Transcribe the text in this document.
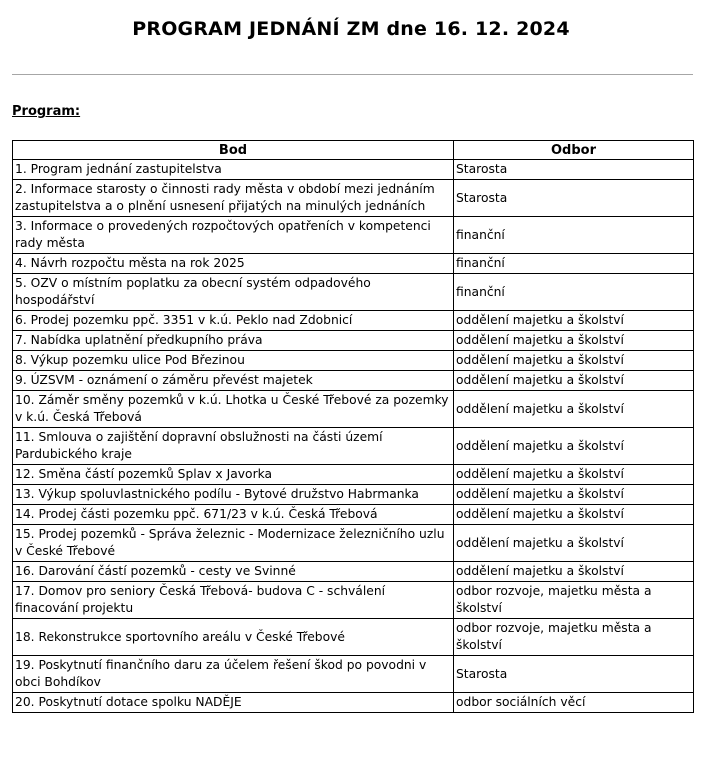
PROGRAM JEDNÁNÍ ZM dne 16. 12. 2024
Program:
Bod	Odbor
1. Program jednání zastupitelstva	Starosta
2. Informace starosty o činnosti rady města v období mezi jednáním zastupitelstva a o plnění usnesení přijatých na minulých jednáních	Starosta
3. Informace o provedených rozpočtových opatřeních v kompetenci rady města	finanční
4. Návrh rozpočtu města na rok 2025	finanční
5. OZV o místním poplatku za obecní systém odpadového hospodářství	finanční
6. Prodej pozemku ppč. 3351 v k.ú. Peklo nad Zdobnicí	oddělení majetku a školství
7. Nabídka uplatnění předkupního práva	oddělení majetku a školství
8. Výkup pozemku ulice Pod Březinou	oddělení majetku a školství
9. ÚZSVM - oznámení o záměru převést majetek	oddělení majetku a školství
10. Záměr směny pozemků v k.ú. Lhotka u České Třebové za pozemky v k.ú. Česká Třebová	oddělení majetku a školství
11. Smlouva o zajištění dopravní obslužnosti na části území Pardubického kraje	oddělení majetku a školství
12. Směna částí pozemků Splav x Javorka	oddělení majetku a školství
13. Výkup spoluvlastnického podílu - Bytové družstvo Habrmanka	oddělení majetku a školství
14. Prodej části pozemku ppč. 671/23 v k.ú. Česká Třebová	oddělení majetku a školství
15. Prodej pozemků - Správa železnic - Modernizace železničního uzlu v České Třebové	oddělení majetku a školství
16. Darování částí pozemků - cesty ve Svinné	oddělení majetku a školství
17. Domov pro seniory Česká Třebová- budova C - schválení finacování projektu	odbor rozvoje, majetku města a školství
18. Rekonstrukce sportovního areálu v České Třebové	odbor rozvoje, majetku města a školství
19. Poskytnutí finančního daru za účelem řešení škod po povodni v obci Bohdíkov	Starosta
20. Poskytnutí dotace spolku NADĚJE	odbor sociálních věcí
